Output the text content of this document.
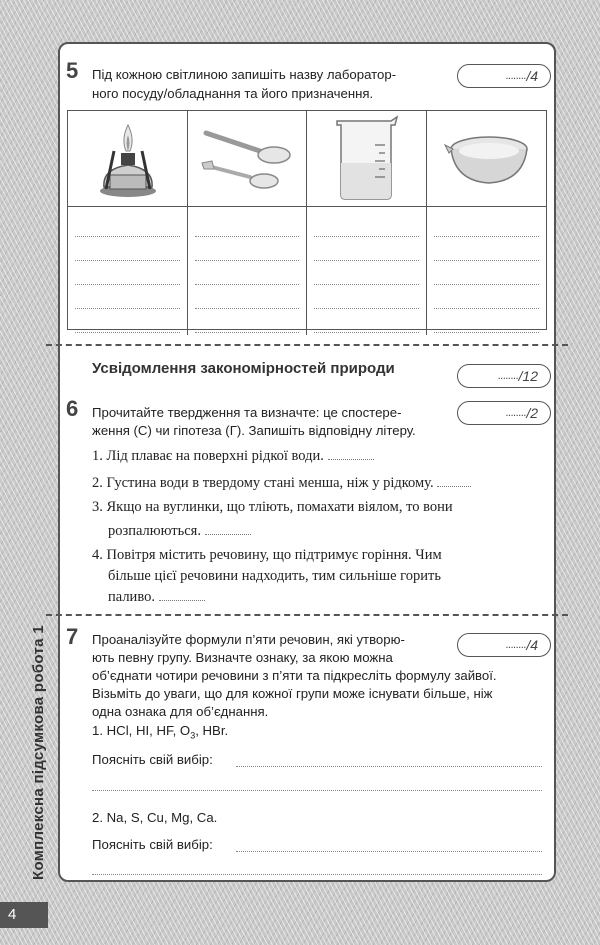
Комплексна підсумкова робота 1
4
5 Під кожною світлиною запишіть назву лаборатор-
ного посуду/обладнання та його призначення.
........ /4
Усвідомлення закономірностей природи	........ /12
6 Прочитайте твердження та визначте: це спостере-
ження (С) чи гіпотеза (Г). Запишіть відповідну літеру.
........ /2
1. Лід плаває на поверхні рідкої води.
2. Густина води в твердому стані менша, ніж у рідкому.
3. Якщо на вуглинки, що тліють, помахати віялом, то вони
розпалюються.
4. Повітря містить речовину, що підтримує горіння. Чим
більше цієї речовини надходить, тим сильніше горить
паливо.
7 Проаналізуйте формули п’яти речовин, які утворю-
ють певну групу. Визначте ознаку, за якою можна
об’єднати чотири речовини з п’яти та підкресліть формулу зайвої.
Візьміть до уваги, що для кожної групи може існувати більше, ніж
одна ознака для об’єднання.
........ /4
1. HCl, HI, HF, $O_3$, HBr.
Поясніть свій вибір:
2. Na, S, Cu, Mg, Ca.
Поясніть свій вибір:
